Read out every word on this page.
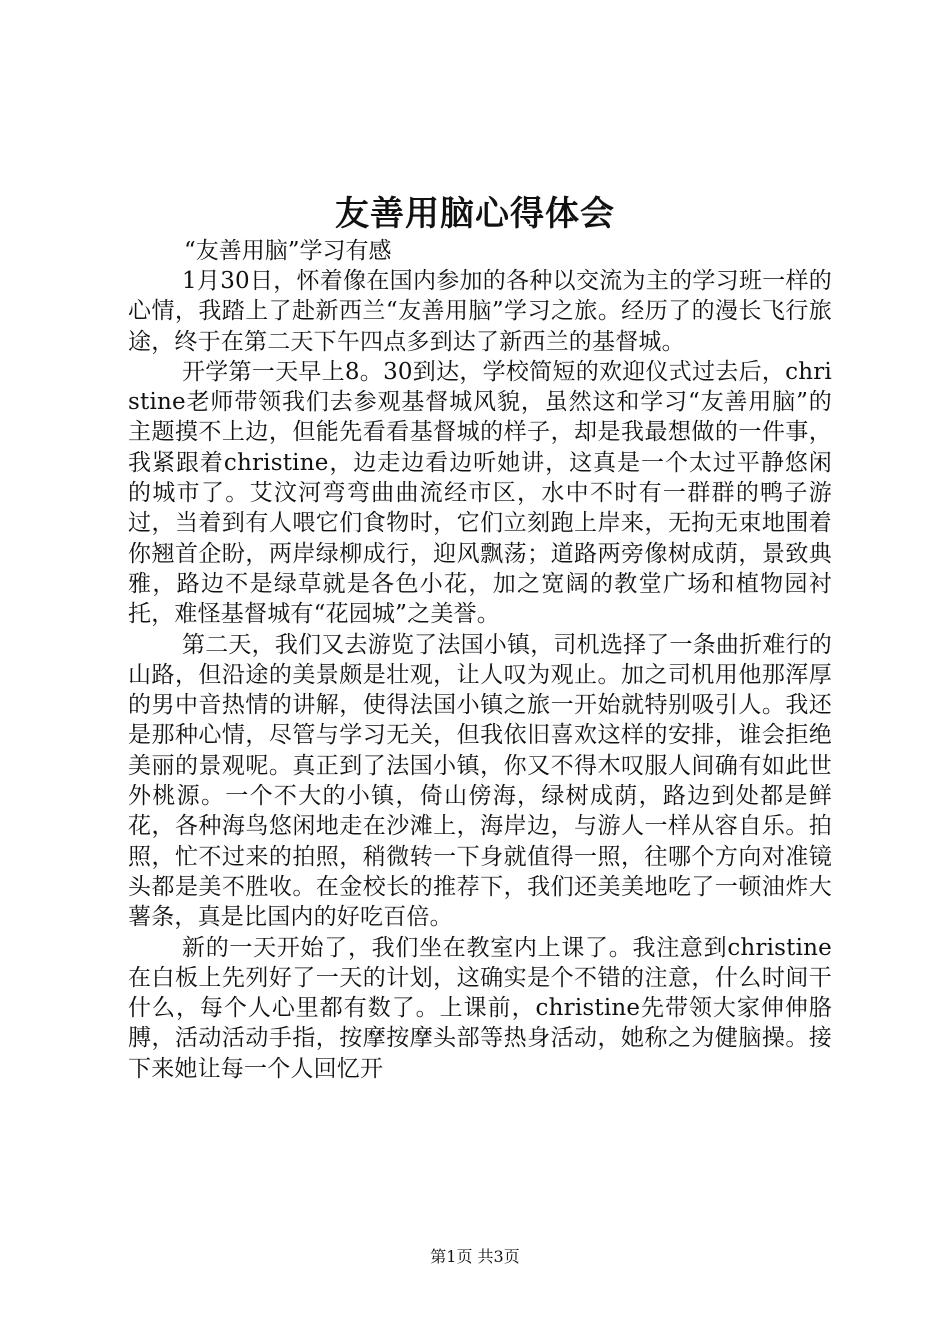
友善用脑心得体会

“友善用脑”学习有感

1月30日，怀着像在国内参加的各种以交流为主的学习班一样的心情，我踏上了赴新西兰“友善用脑”学习之旅。经历了的漫长飞行旅途，终于在第二天下午四点多到达了新西兰的基督城。

开学第一天早上8。30到达，学校简短的欢迎仪式过去后，christine老师带领我们去参观基督城风貌，虽然这和学习“友善用脑”的主题摸不上边，但能先看看基督城的样子，却是我最想做的一件事，我紧跟着christine，边走边看边听她讲，这真是一个太过平静悠闲的城市了。艾汶河弯弯曲曲流经市区，水中不时有一群群的鸭子游过，当着到有人喂它们食物时，它们立刻跑上岸来，无拘无束地围着你翘首企盼，两岸绿柳成行，迎风飘荡；道路两旁像树成荫，景致典雅，路边不是绿草就是各色小花，加之宽阔的教堂广场和植物园衬托，难怪基督城有“花园城”之美誉。

第二天，我们又去游览了法国小镇，司机选择了一条曲折难行的山路，但沿途的美景颇是壮观，让人叹为观止。加之司机用他那浑厚的男中音热情的讲解，使得法国小镇之旅一开始就特别吸引人。我还是那种心情，尽管与学习无关，但我依旧喜欢这样的安排，谁会拒绝美丽的景观呢。真正到了法国小镇，你又不得木叹服人间确有如此世外桃源。一个不大的小镇，倚山傍海，绿树成荫，路边到处都是鲜花，各种海鸟悠闲地走在沙滩上，海岸边，与游人一样从容自乐。拍照，忙不过来的拍照，稍微转一下身就值得一照，往哪个方向对准镜头都是美不胜收。在金校长的推荐下，我们还美美地吃了一顿油炸大薯条，真是比国内的好吃百倍。

新的一天开始了，我们坐在教室内上课了。我注意到christine在白板上先列好了一天的计划，这确实是个不错的注意，什么时间干什么，每个人心里都有数了。上课前，christine先带领大家伸伸胳膊，活动活动手指，按摩按摩头部等热身活动，她称之为健脑操。接下来她让每一个人回忆开

第1页 共3页
